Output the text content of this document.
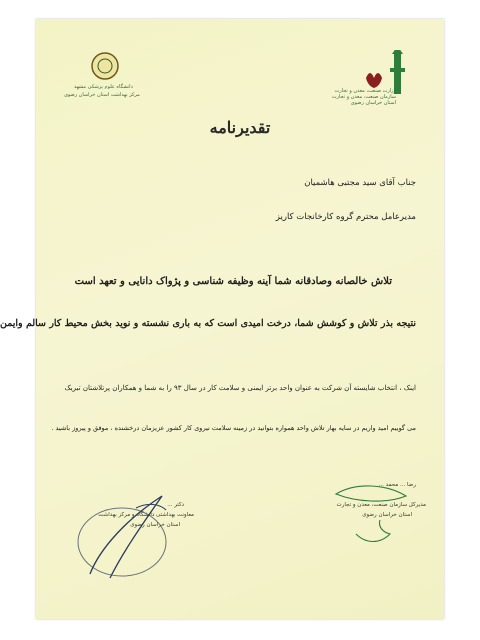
وزارت صنعت، معدن و تجارت
سازمان صنعت، معدن و تجارت
استان خراسان رضوی
دانشگاه علوم پزشکی مشهد
مرکز بهداشت استان خراسان رضوی
تقدیرنامه
جناب آقای سید مجتبی هاشمیان
مدیرعامل محترم گروه کارخانجات کاریز
تلاش خالصانه وصادقانه شما آینه وظیفه شناسی و پژواک دانایی و تعهد است
نتیجه بذر تلاش و کوشش شما، درخت امیدی است که به باری نشسته و نوید بخش محیط کار سالم وایمن
اینک ، انتخاب شایسته آن شرکت به عنوان واحد برتر ایمنی و سلامت کار در سال ۹۳ را به شما و همکاران پرتلاشتان تبریک
می گوییم امید واریم در سایه بهار تلاش واحد همواره بتوانید در زمینه سلامت نیروی کار کشور عزیزمان درخشنده ، موفق و پیروز باشید .
دکتر ...
معاونت بهداشتی دانشگاه و مرکز بهداشت
استان خراسان رضوی
رضا ... محمد ...
مدیرکل سازمان صنعت، معدن و تجارت
استان خراسان رضوی
